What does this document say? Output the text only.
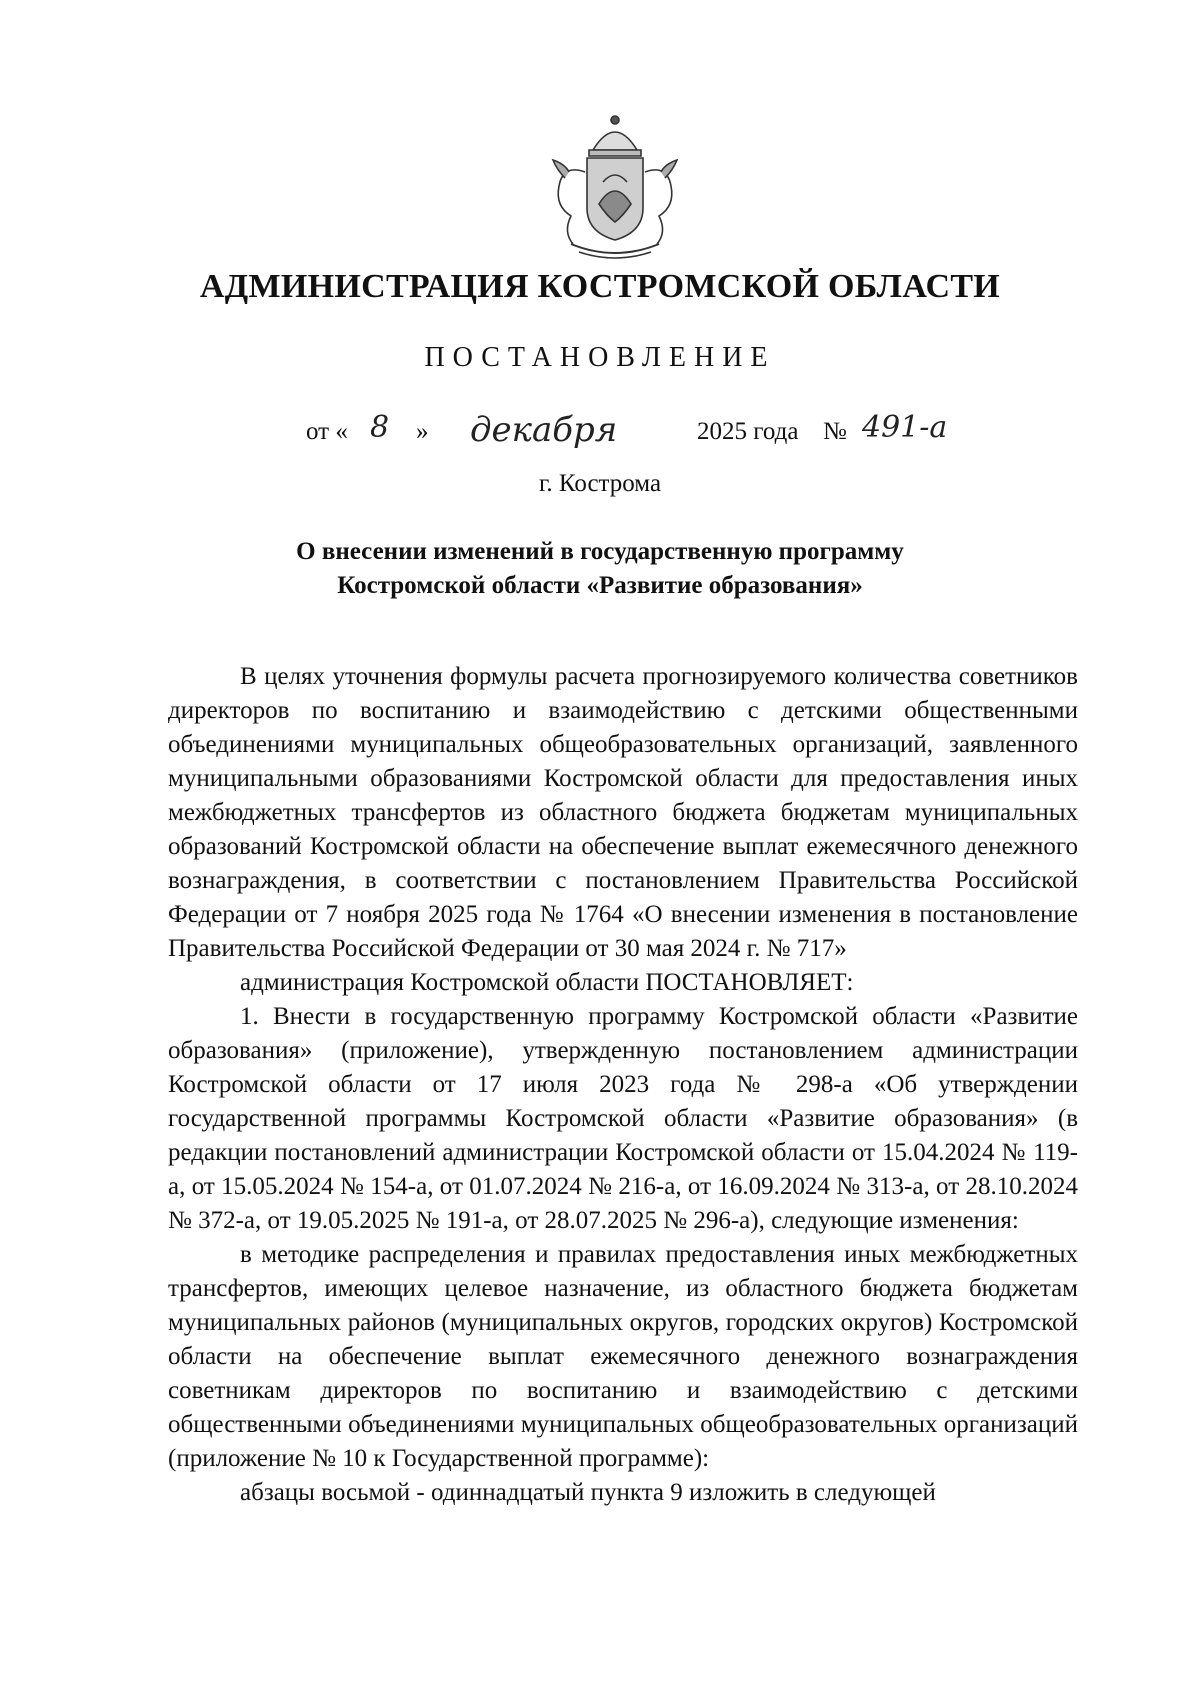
АДМИНИСТРАЦИЯ КОСТРОМСКОЙ ОБЛАСТИ
ПОСТАНОВЛЕНИЕ
от « 8 » декабря	2025 года № 491-а
г. Кострома
О внесении изменений в государственную программу
Костромской области «Развитие образования»

В целях уточнения формулы расчета прогнозируемого количества советников директоров по воспитанию и взаимодействию с детскими общественными объединениями муниципальных общеобразовательных организаций, заявленного муниципальными образованиями Костромской области для предоставления иных межбюджетных трансфертов из областного бюджета бюджетам муниципальных образований Костромской области на обеспечение выплат ежемесячного денежного вознаграждения, в соответствии с постановлением Правительства Российской Федерации от 7 ноября 2025 года № 1764 «О внесении изменения в постановление Правительства Российской Федерации от 30 мая 2024 г. № 717»

администрация Костромской области ПОСТАНОВЛЯЕТ:

1. Внести в государственную программу Костромской области «Развитие образования» (приложение), утвержденную постановлением администрации Костромской области от 17 июля 2023 года № 298-а «Об утверждении государственной программы Костромской области «Развитие образования» (в редакции постановлений администрации Костромской области от 15.04.2024 № 119-а, от 15.05.2024 № 154-а, от 01.07.2024 № 216-а, от 16.09.2024 № 313-а, от 28.10.2024 № 372-а, от 19.05.2025 № 191-а, от 28.07.2025 № 296-а), следующие изменения:

в методике распределения и правилах предоставления иных межбюджетных трансфертов, имеющих целевое назначение, из областного бюджета бюджетам муниципальных районов (муниципальных округов, городских округов) Костромской области на обеспечение выплат ежемесячного денежного вознаграждения советникам директоров по воспитанию и взаимодействию с детскими общественными объединениями муниципальных общеобразовательных организаций (приложение № 10 к Государственной программе):

абзацы восьмой - одиннадцатый пункта 9 изложить в следующей
